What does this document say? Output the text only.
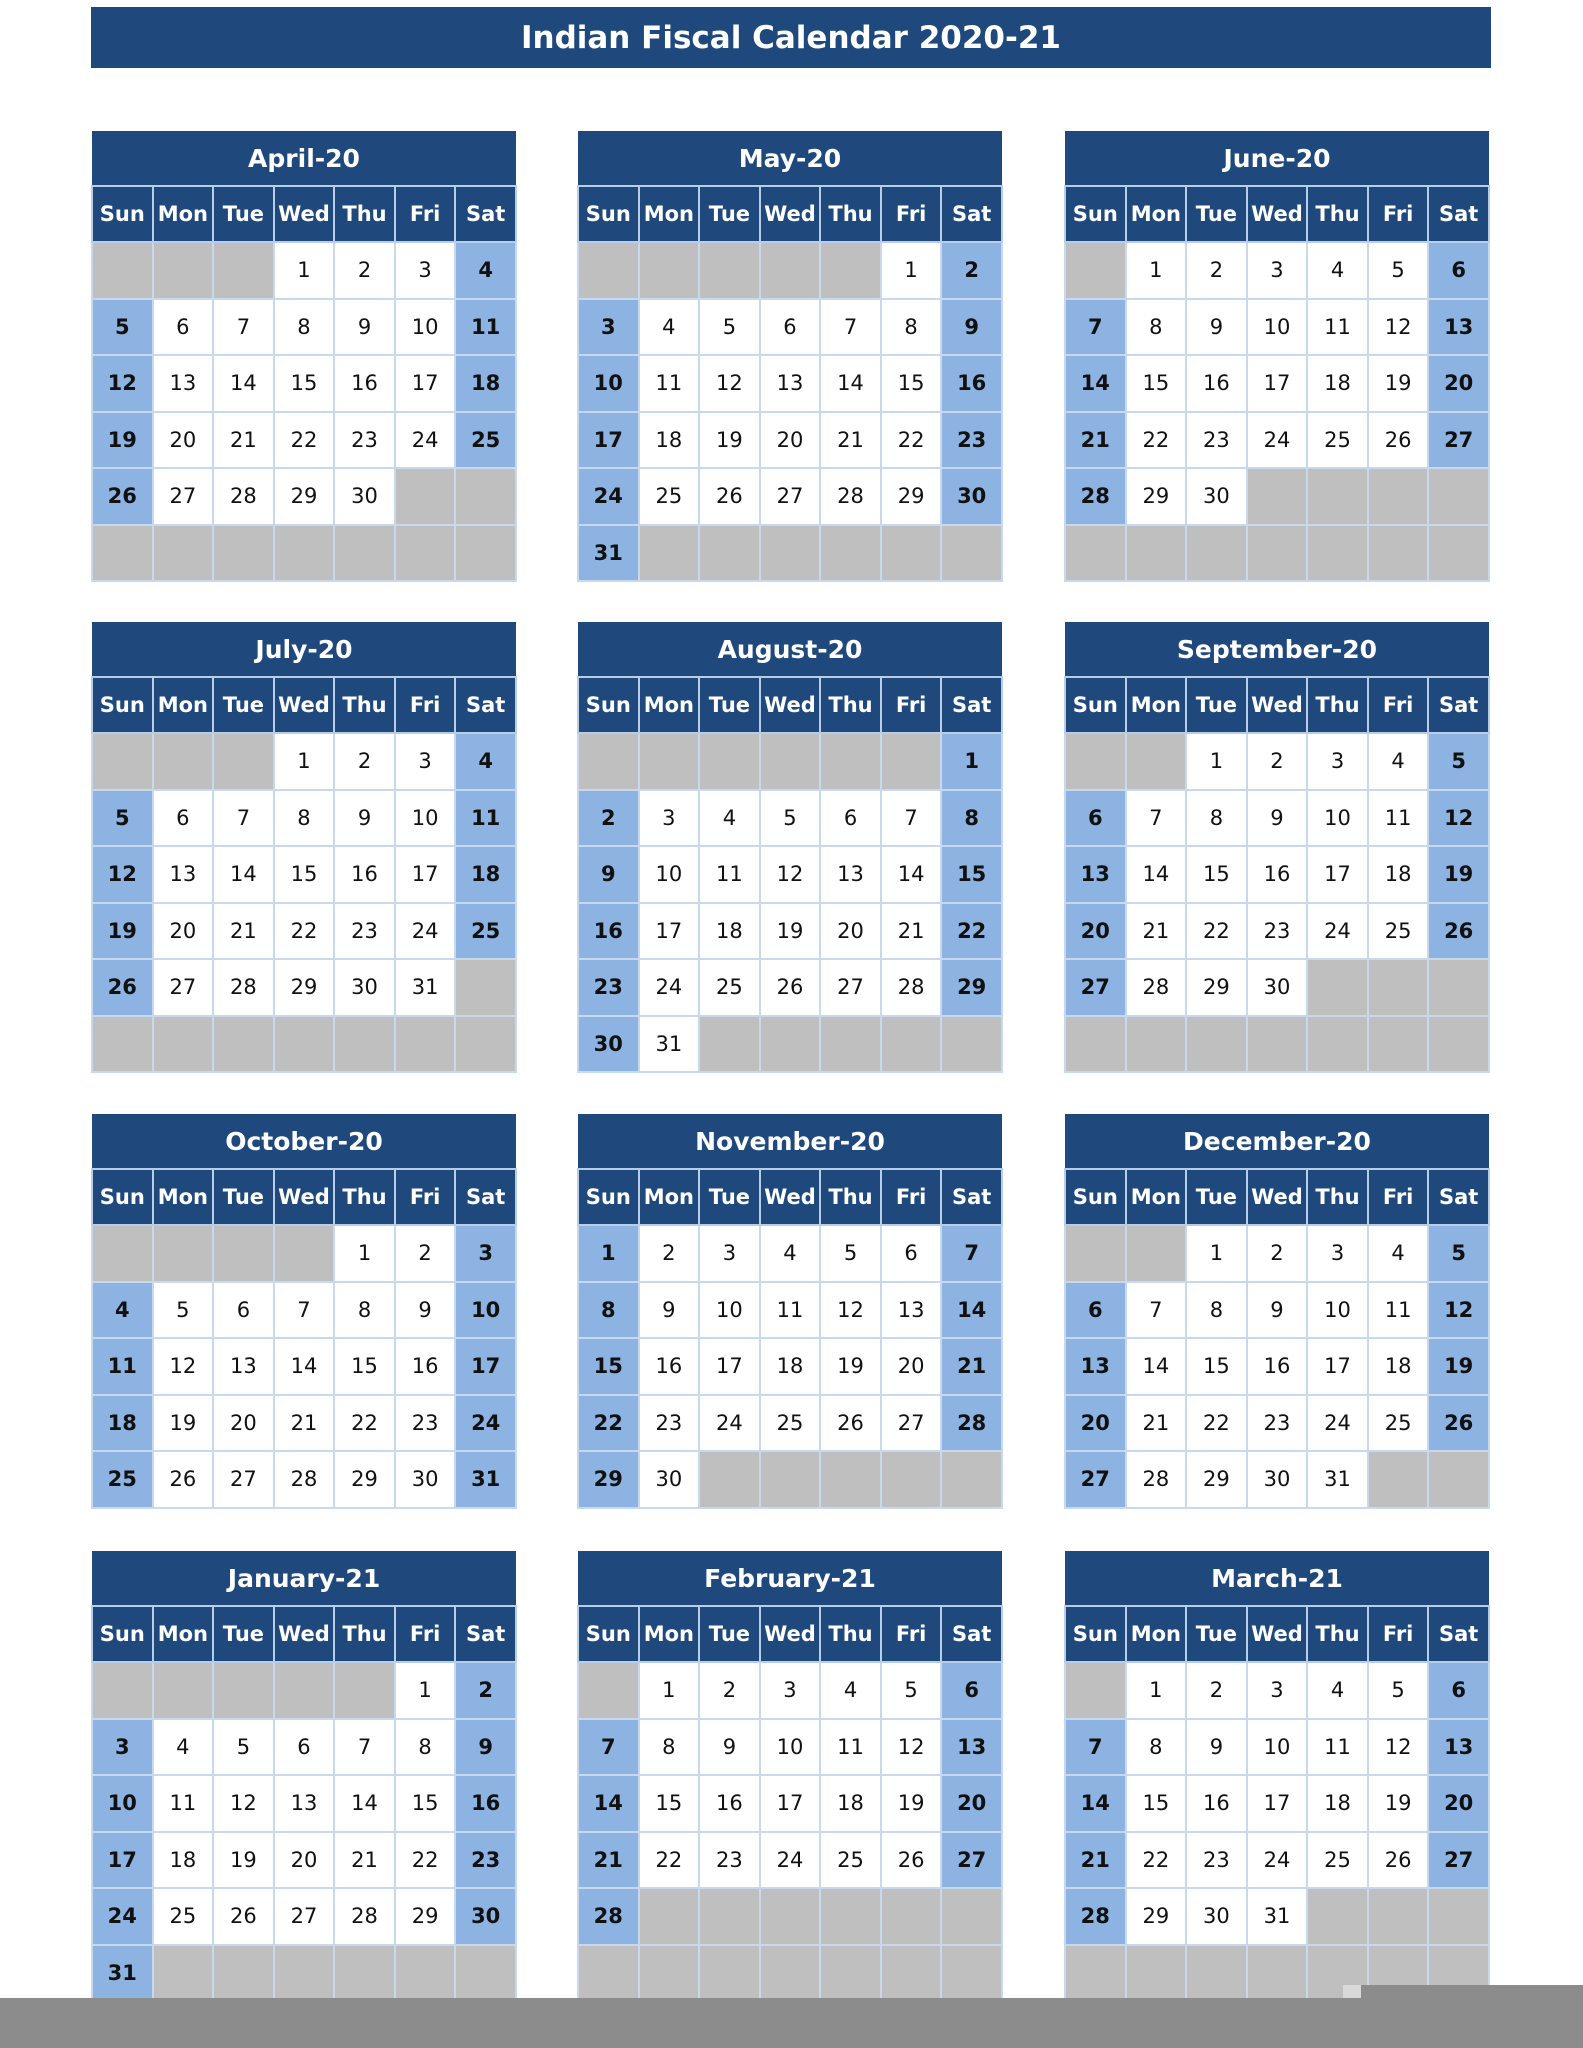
Indian Fiscal Calendar 2020-21
April-20						
Sun	Mon	Tue	Wed	Thu	Fri	Sat
			1	2	3	4
5	6	7	8	9	10	11
12	13	14	15	16	17	18
19	20	21	22	23	24	25
26	27	28	29	30		

May-20						
Sun	Mon	Tue	Wed	Thu	Fri	Sat
					1	2
3	4	5	6	7	8	9
10	11	12	13	14	15	16
17	18	19	20	21	22	23
24	25	26	27	28	29	30
31						
June-20						
Sun	Mon	Tue	Wed	Thu	Fri	Sat
	1	2	3	4	5	6
7	8	9	10	11	12	13
14	15	16	17	18	19	20
21	22	23	24	25	26	27
28	29	30				

July-20						
Sun	Mon	Tue	Wed	Thu	Fri	Sat
			1	2	3	4
5	6	7	8	9	10	11
12	13	14	15	16	17	18
19	20	21	22	23	24	25
26	27	28	29	30	31	

August-20						
Sun	Mon	Tue	Wed	Thu	Fri	Sat
						1
2	3	4	5	6	7	8
9	10	11	12	13	14	15
16	17	18	19	20	21	22
23	24	25	26	27	28	29
30	31					
September-20						
Sun	Mon	Tue	Wed	Thu	Fri	Sat
		1	2	3	4	5
6	7	8	9	10	11	12
13	14	15	16	17	18	19
20	21	22	23	24	25	26
27	28	29	30			

October-20						
Sun	Mon	Tue	Wed	Thu	Fri	Sat
				1	2	3
4	5	6	7	8	9	10
11	12	13	14	15	16	17
18	19	20	21	22	23	24
25	26	27	28	29	30	31
November-20						
Sun	Mon	Tue	Wed	Thu	Fri	Sat
1	2	3	4	5	6	7
8	9	10	11	12	13	14
15	16	17	18	19	20	21
22	23	24	25	26	27	28
29	30					
December-20						
Sun	Mon	Tue	Wed	Thu	Fri	Sat
		1	2	3	4	5
6	7	8	9	10	11	12
13	14	15	16	17	18	19
20	21	22	23	24	25	26
27	28	29	30	31		
January-21						
Sun	Mon	Tue	Wed	Thu	Fri	Sat
					1	2
3	4	5	6	7	8	9
10	11	12	13	14	15	16
17	18	19	20	21	22	23
24	25	26	27	28	29	30
31						
February-21						
Sun	Mon	Tue	Wed	Thu	Fri	Sat
	1	2	3	4	5	6
7	8	9	10	11	12	13
14	15	16	17	18	19	20
21	22	23	24	25	26	27
28						

March-21						
Sun	Mon	Tue	Wed	Thu	Fri	Sat
	1	2	3	4	5	6
7	8	9	10	11	12	13
14	15	16	17	18	19	20
21	22	23	24	25	26	27
28	29	30	31			
